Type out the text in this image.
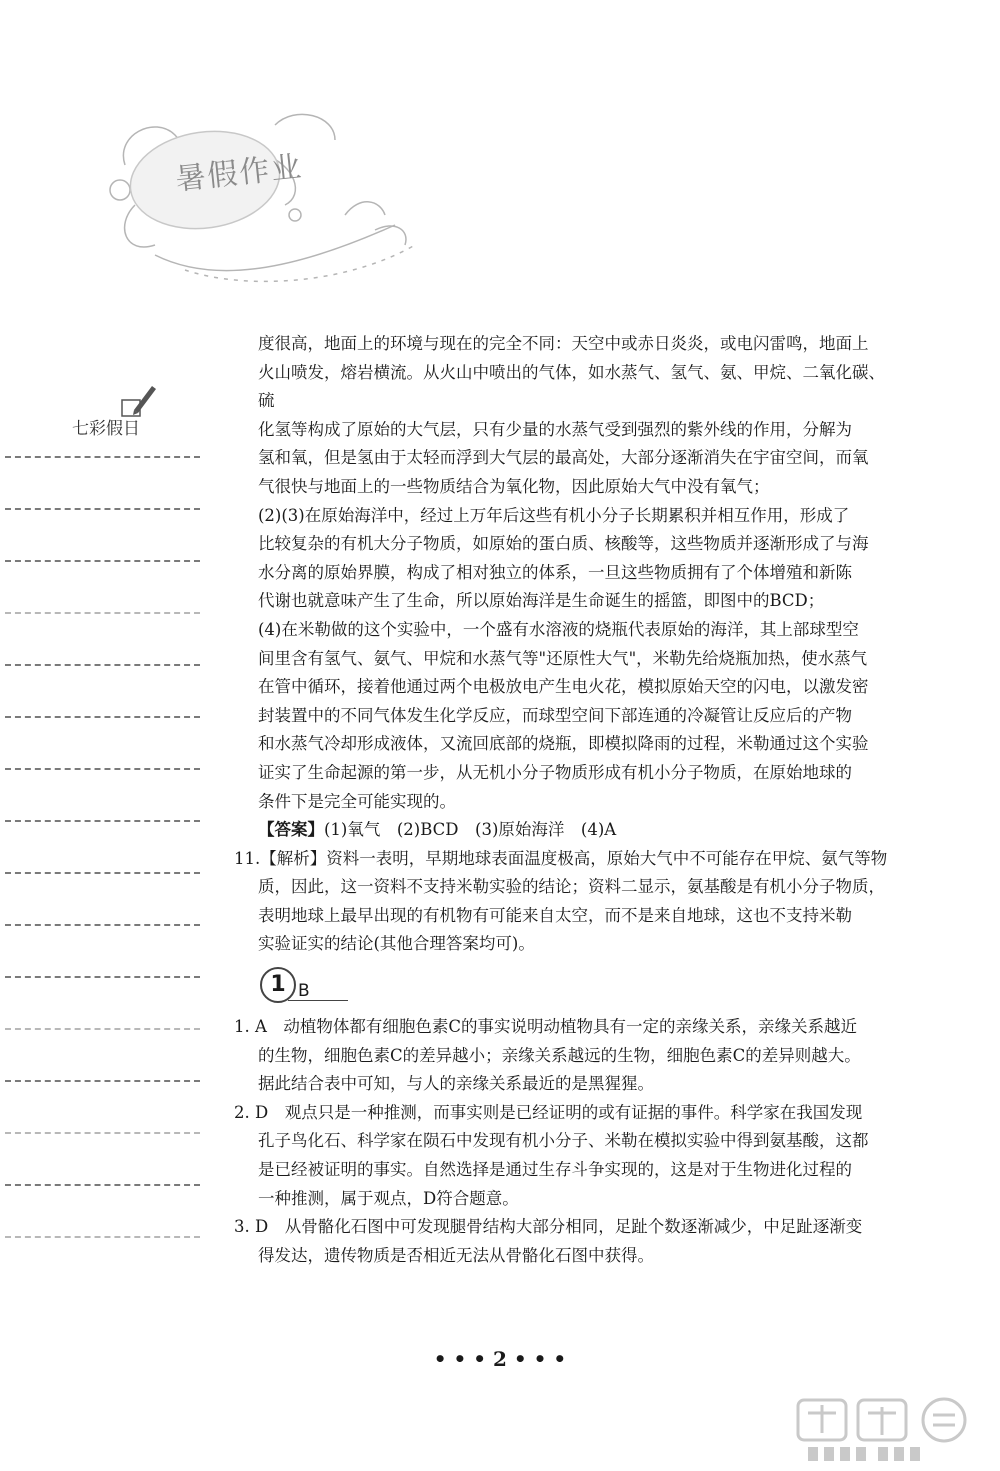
暑假作业
七彩假日
度很高，地面上的环境与现在的完全不同：天空中或赤日炎炎，或电闪雷鸣，地面上
火山喷发，熔岩横流。从火山中喷出的气体，如水蒸气、氢气、氨、甲烷、二氧化碳、硫
化氢等构成了原始的大气层，只有少量的水蒸气受到强烈的紫外线的作用，分解为
氢和氧，但是氢由于太轻而浮到大气层的最高处，大部分逐渐消失在宇宙空间，而氧
气很快与地面上的一些物质结合为氧化物，因此原始大气中没有氧气；
(2)(3)在原始海洋中，经过上万年后这些有机小分子长期累积并相互作用，形成了
比较复杂的有机大分子物质，如原始的蛋白质、核酸等，这些物质并逐渐形成了与海
水分离的原始界膜，构成了相对独立的体系，一旦这些物质拥有了个体增殖和新陈
代谢也就意味产生了生命，所以原始海洋是生命诞生的摇篮，即图中的BCD；
(4)在米勒做的这个实验中，一个盛有水溶液的烧瓶代表原始的海洋，其上部球型空
间里含有氢气、氨气、甲烷和水蒸气等"还原性大气"，米勒先给烧瓶加热，使水蒸气
在管中循环，接着他通过两个电极放电产生电火花，模拟原始天空的闪电，以激发密
封装置中的不同气体发生化学反应，而球型空间下部连通的冷凝管让反应后的产物
和水蒸气冷却形成液体，又流回底部的烧瓶，即模拟降雨的过程，米勒通过这个实验
证实了生命起源的第一步，从无机小分子物质形成有机小分子物质，在原始地球的
条件下是完全可能实现的。
【答案】(1)氧气　 (2)BCD　 (3)原始海洋　 (4)A
11.【解析】资料一表明，早期地球表面温度极高，原始大气中不可能存在甲烷、氨气等物
质，因此，这一资料不支持米勒实验的结论；资料二显示，氨基酸是有机小分子物质，
表明地球上最早出现的有机物有可能来自太空，而不是来自地球，这也不支持米勒
实验证实的结论(其他合理答案均可)。
1 B
1. A　动植物体都有细胞色素C的事实说明动植物具有一定的亲缘关系，亲缘关系越近
的生物，细胞色素C的差异越小；亲缘关系越远的生物，细胞色素C的差异则越大。
据此结合表中可知，与人的亲缘关系最近的是黑猩猩。
2. D　观点只是一种推测，而事实则是已经证明的或有证据的事件。科学家在我国发现
孔子鸟化石、科学家在陨石中发现有机小分子、米勒在模拟实验中得到氨基酸，这都
是已经被证明的事实。自然选择是通过生存斗争实现的，这是对于生物进化过程的
一种推测，属于观点，D符合题意。
3. D　从骨骼化石图中可发现腿骨结构大部分相同，足趾个数逐渐减少，中足趾逐渐变
得发达，遗传物质是否相近无法从骨骼化石图中获得。
• • • 2 • • •
